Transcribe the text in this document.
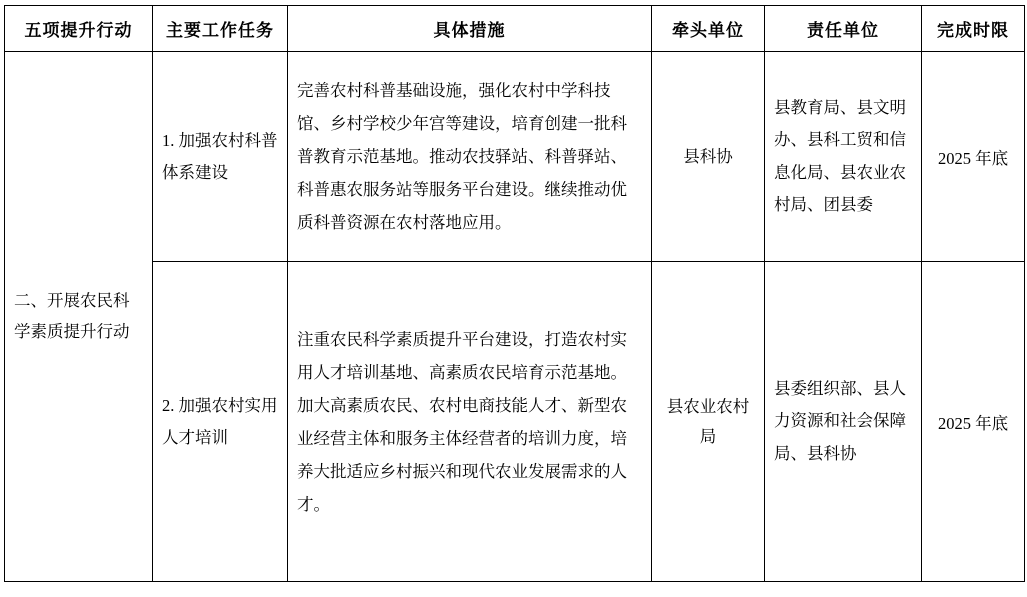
五项提升行动	主要工作任务	具体措施	牵头单位	责任单位	完成时限
二、开展农民科学素质提升行动	1. 加强农村科普体系建设	完善农村科普基础设施，强化农村中学科技馆、乡村学校少年宫等建设，培育创建一批科普教育示范基地。推动农技驿站、科普驿站、科普惠农服务站等服务平台建设。继续推动优质科普资源在农村落地应用。	县科协	县教育局、县文明办、县科工贸和信息化局、县农业农村局、团县委	2025 年底
	2. 加强农村实用人才培训	注重农民科学素质提升平台建设，打造农村实用人才培训基地、高素质农民培育示范基地。加大高素质农民、农村电商技能人才、新型农业经营主体和服务主体经营者的培训力度，培养大批适应乡村振兴和现代农业发展需求的人才。	县农业农村局	县委组织部、县人力资源和社会保障局、县科协	2025 年底
